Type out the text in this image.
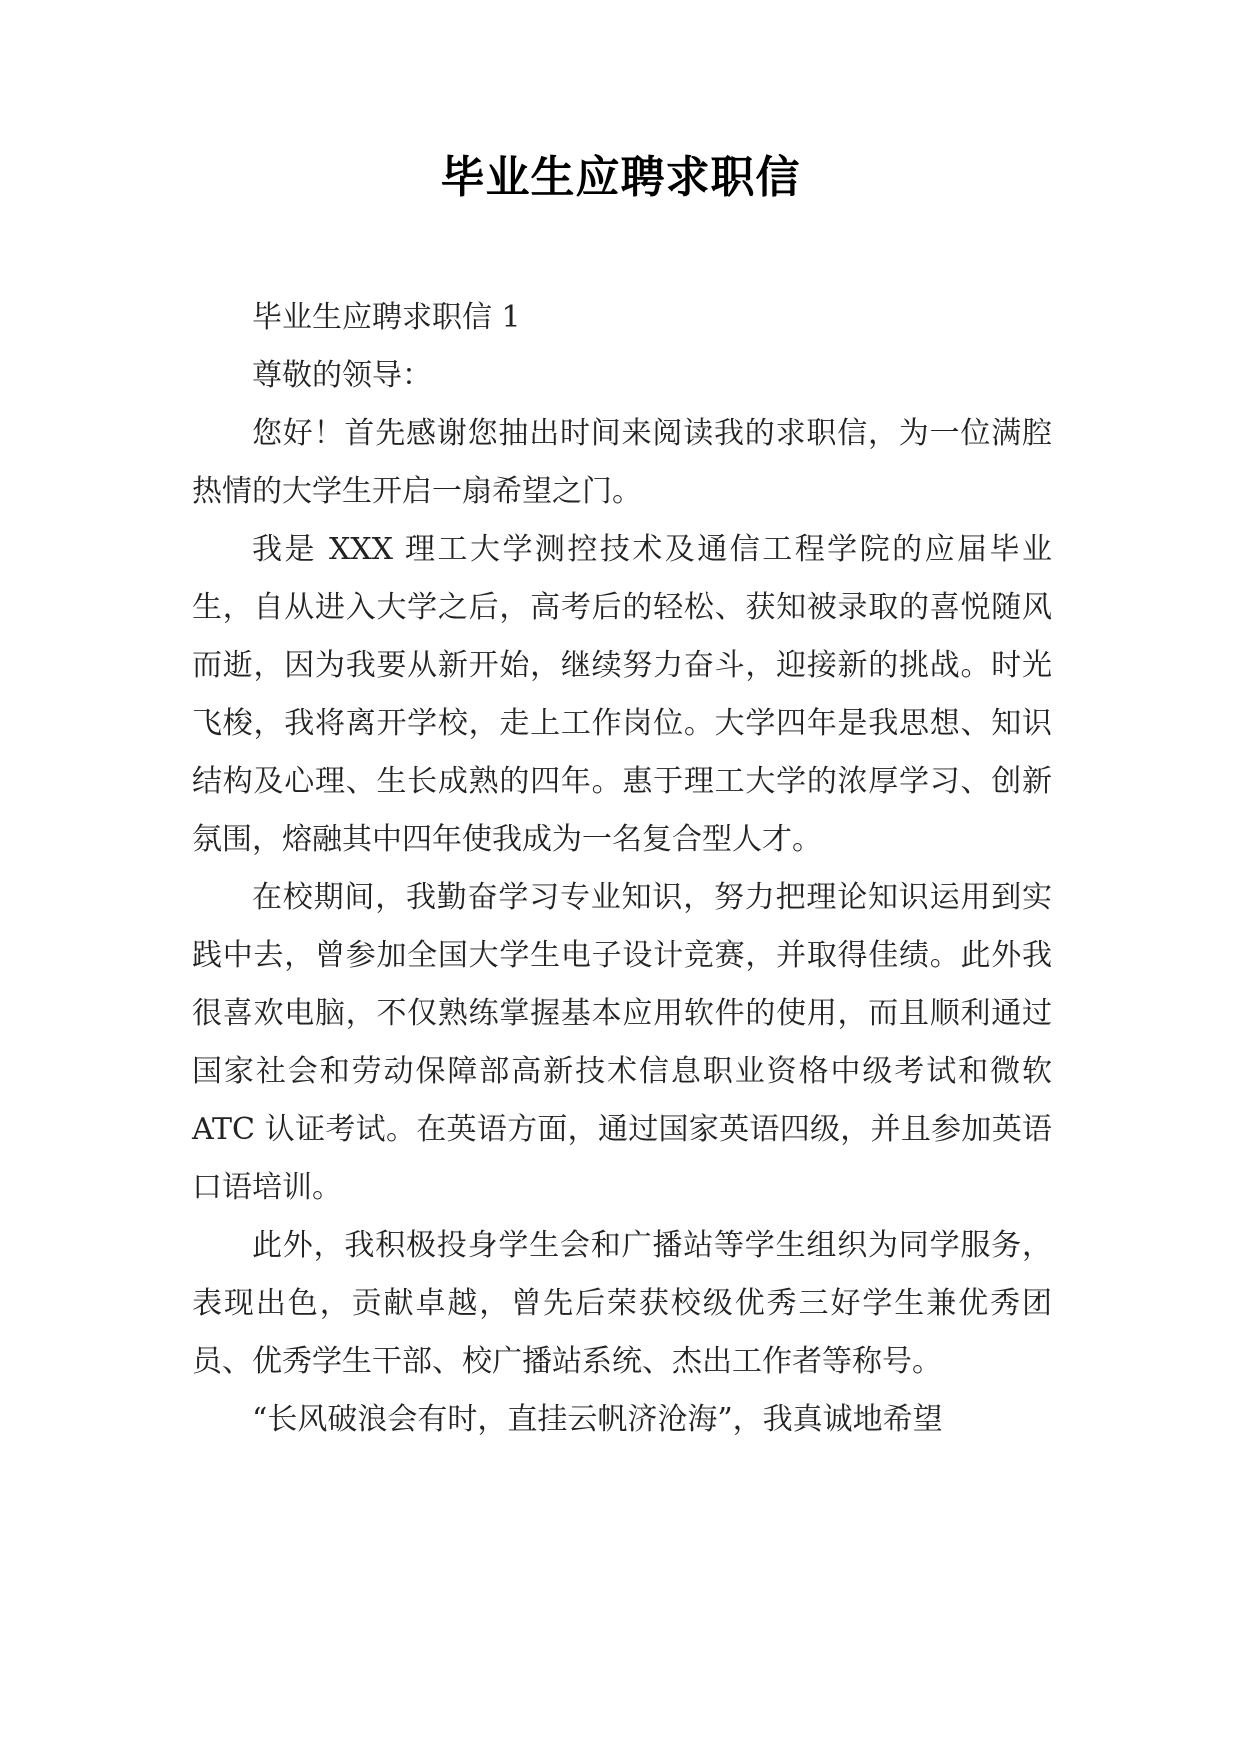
毕业生应聘求职信

毕业生应聘求职信 1

尊敬的领导：

您好！首先感谢您抽出时间来阅读我的求职信，为一位满腔热情的大学生开启一扇希望之门。

我是 XXX 理工大学测控技术及通信工程学院的应届毕业生，自从进入大学之后，高考后的轻松、获知被录取的喜悦随风而逝，因为我要从新开始，继续努力奋斗，迎接新的挑战。时光飞梭，我将离开学校，走上工作岗位。大学四年是我思想、知识结构及心理、生长成熟的四年。惠于理工大学的浓厚学习、创新氛围，熔融其中四年使我成为一名复合型人才。

在校期间，我勤奋学习专业知识，努力把理论知识运用到实践中去，曾参加全国大学生电子设计竞赛，并取得佳绩。此外我很喜欢电脑，不仅熟练掌握基本应用软件的使用，而且顺利通过国家社会和劳动保障部高新技术信息职业资格中级考试和微软 ATC 认证考试。在英语方面，通过国家英语四级，并且参加英语口语培训。

此外，我积极投身学生会和广播站等学生组织为同学服务，表现出色，贡献卓越，曾先后荣获校级优秀三好学生兼优秀团员、优秀学生干部、校广播站系统、杰出工作者等称号。

“长风破浪会有时，直挂云帆济沧海”，我真诚地希望
